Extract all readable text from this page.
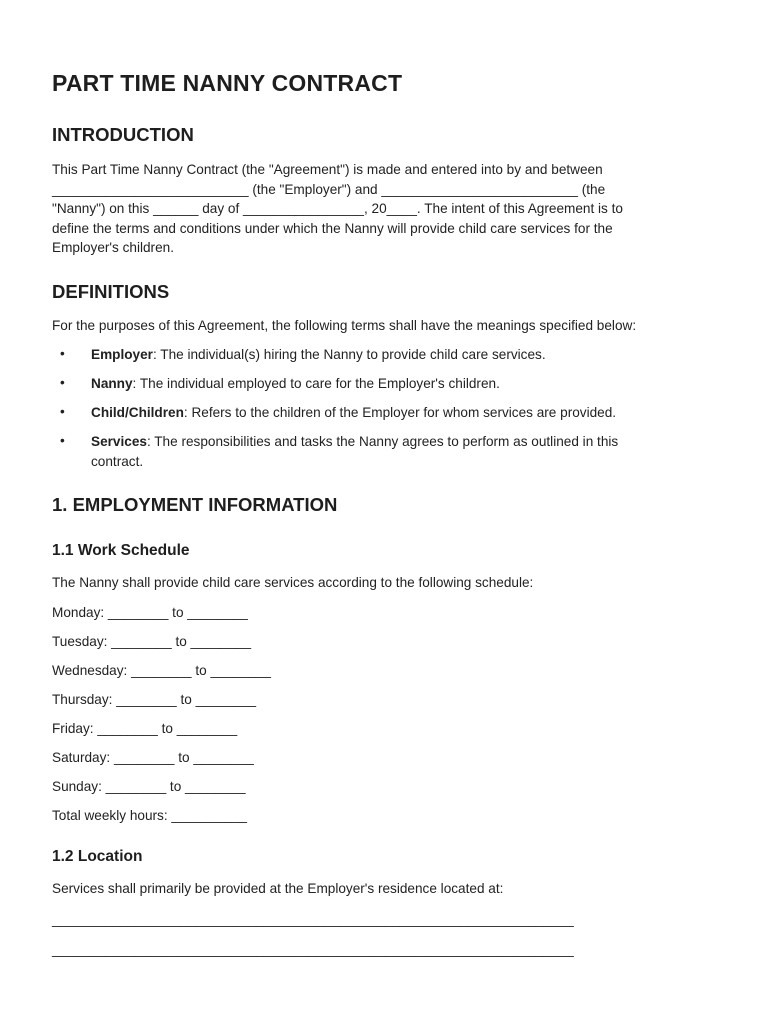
PART TIME NANNY CONTRACT
INTRODUCTION
This Part Time Nanny Contract (the "Agreement") is made and entered into by and between
__________________________ (the "Employer") and __________________________ (the
"Nanny") on this ______ day of ________________, 20____. The intent of this Agreement is to
define the terms and conditions under which the Nanny will provide child care services for the
Employer's children.
DEFINITIONS
For the purposes of this Agreement, the following terms shall have the meanings specified below:
• Employer: The individual(s) hiring the Nanny to provide child care services.
• Nanny: The individual employed to care for the Employer's children.
• Child/Children: Refers to the children of the Employer for whom services are provided.
• Services: The responsibilities and tasks the Nanny agrees to perform as outlined in this
contract.
1. EMPLOYMENT INFORMATION
1.1 Work Schedule
The Nanny shall provide child care services according to the following schedule:
Monday: ________ to ________
Tuesday: ________ to ________
Wednesday: ________ to ________
Thursday: ________ to ________
Friday: ________ to ________
Saturday: ________ to ________
Sunday: ________ to ________
Total weekly hours: __________
1.2 Location
Services shall primarily be provided at the Employer's residence located at:
_____________________________________________________________________
_____________________________________________________________________
